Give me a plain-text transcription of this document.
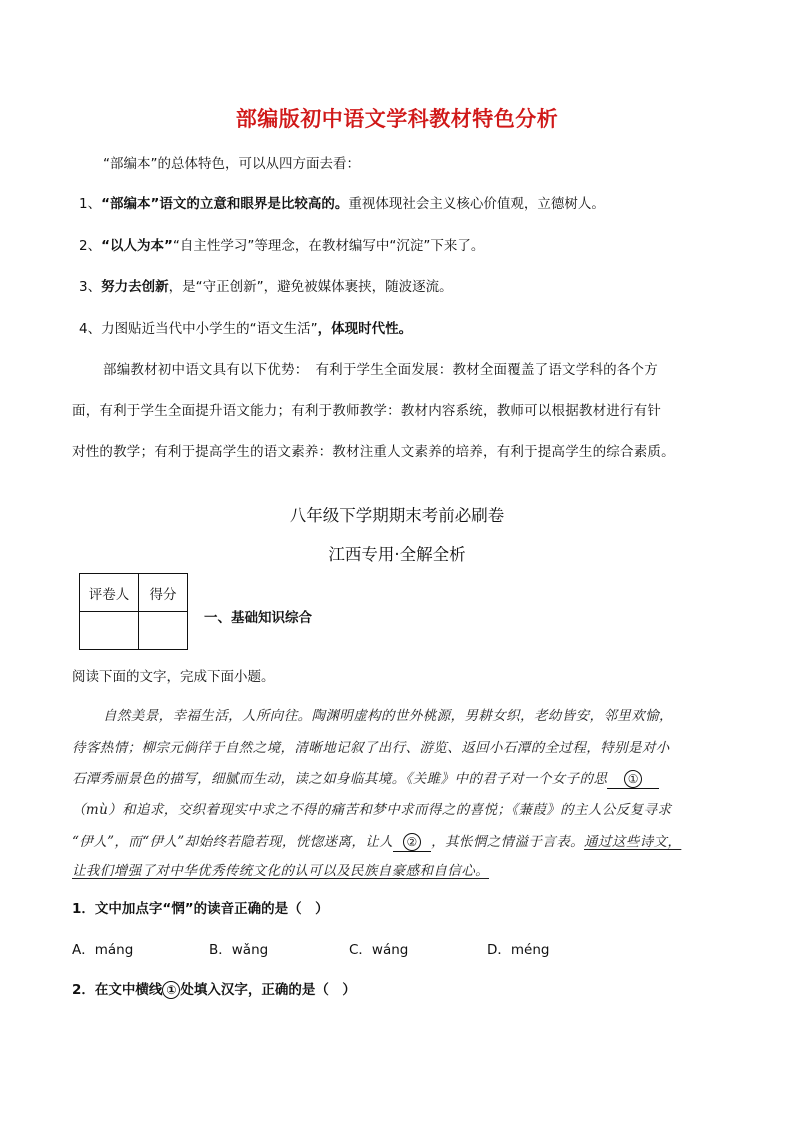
部编版初中语文学科教材特色分析
“部编本”的总体特色，可以从四方面去看：
1、“部编本”语文的立意和眼界是比较高的。重视体现社会主义核心价值观，立德树人。
2、“以人为本”“自主性学习”等理念，在教材编写中“沉淀”下来了。
3、努力去创新，是“守正创新”，避免被媒体裹挟，随波逐流。
4、力图贴近当代中小学生的“语文生活”，体现时代性。
部编教材初中语文具有以下优势：　有利于学生全面发展：教材全面覆盖了语文学科的各个方
面，有利于学生全面提升语文能力；有利于教师教学：教材内容系统，教师可以根据教材进行有针
对性的教学；有利于提高学生的语文素养：教材注重人文素养的培养，有利于提高学生的综合素质。
八年级下学期期末考前必刷卷
江西专用·全解全析
评卷人	得分

一、基础知识综合
阅读下面的文字，完成下面小题。
自然美景，幸福生活，人所向往。陶渊明虚构的世外桃源，男耕女织，老幼皆安，邻里欢愉，
待客热情；柳宗元倘徉于自然之境，清晰地记叙了出行、游览、返回小石潭的全过程，特别是对小
石潭秀丽景色的描写，细腻而生动，读之如身临其境。《关雎》中的君子对一个女子的思 ①
（mù）和追求，交织着现实中求之不得的痛苦和梦中求而得之的喜悦；《蒹葭》的主人公反复寻求
“伊人”，而“伊人”却始终若隐若现，恍惚迷离，让人 ② ，其怅惘之情溢于言表。通过这些诗文，
让我们增强了对中华优秀传统文化的认可以及民族自豪感和自信心。
1．文中加点字“惘”的读音正确的是（　）
A．máng	B．wǎng	C．wáng	D．méng
2．在文中横线 ① 处填入汉字，正确的是（　）
